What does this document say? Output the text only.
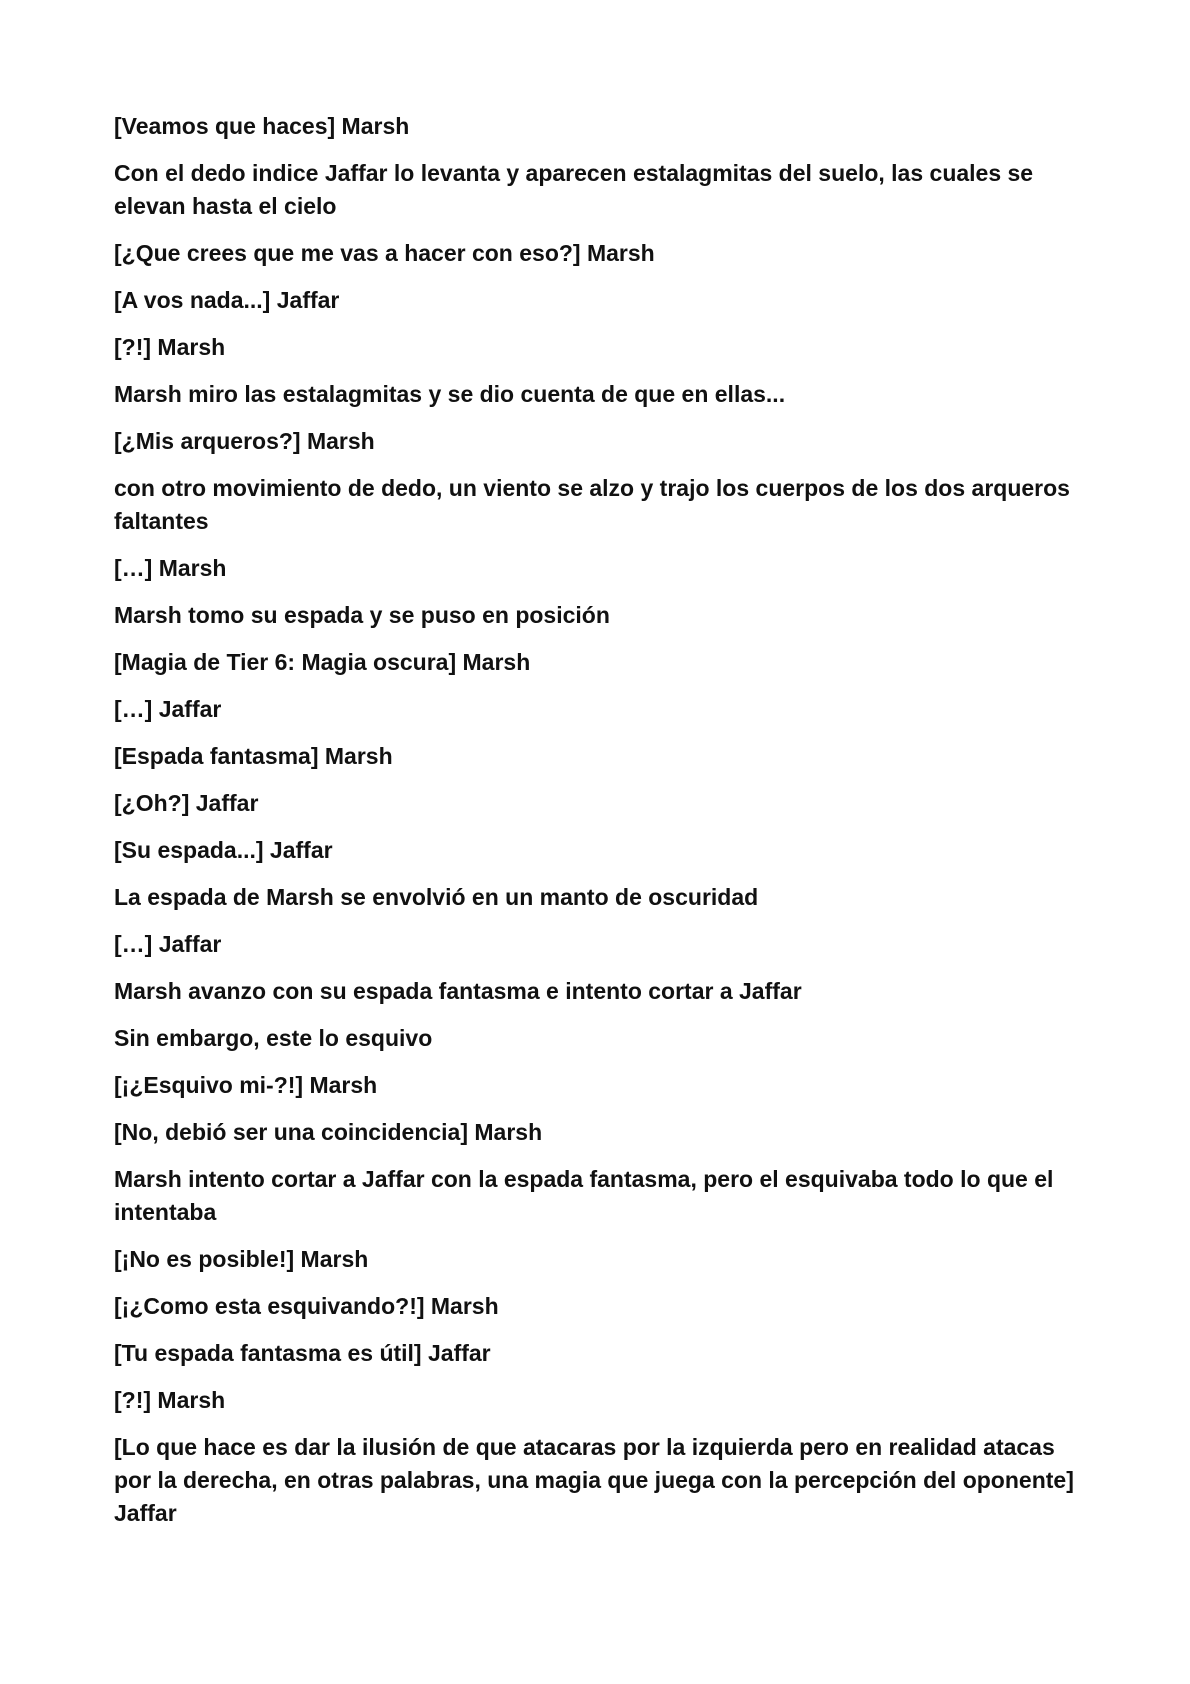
[Veamos que haces] Marsh

Con el dedo indice Jaffar lo levanta y aparecen estalagmitas del suelo, las cuales se elevan hasta el cielo

[¿Que crees que me vas a hacer con eso?] Marsh

[A vos nada...] Jaffar

[?!] Marsh

Marsh miro las estalagmitas y se dio cuenta de que en ellas...

[¿Mis arqueros?] Marsh

con otro movimiento de dedo, un viento se alzo y trajo los cuerpos de los dos arqueros faltantes

[…] Marsh

Marsh tomo su espada y se puso en posición

[Magia de Tier 6: Magia oscura] Marsh

[…] Jaffar

[Espada fantasma] Marsh

[¿Oh?] Jaffar

[Su espada...] Jaffar

La espada de Marsh se envolvió en un manto de oscuridad

[…] Jaffar

Marsh avanzo con su espada fantasma e intento cortar a Jaffar

Sin embargo, este lo esquivo

[¡¿Esquivo mi-?!] Marsh

[No, debió ser una coincidencia] Marsh

Marsh intento cortar a Jaffar con la espada fantasma, pero el esquivaba todo lo que el intentaba

[¡No es posible!] Marsh

[¡¿Como esta esquivando?!] Marsh

[Tu espada fantasma es útil] Jaffar

[?!] Marsh

[Lo que hace es dar la ilusión de que atacaras por la izquierda pero en realidad atacas por la derecha, en otras palabras, una magia que juega con la percepción del oponente] Jaffar
